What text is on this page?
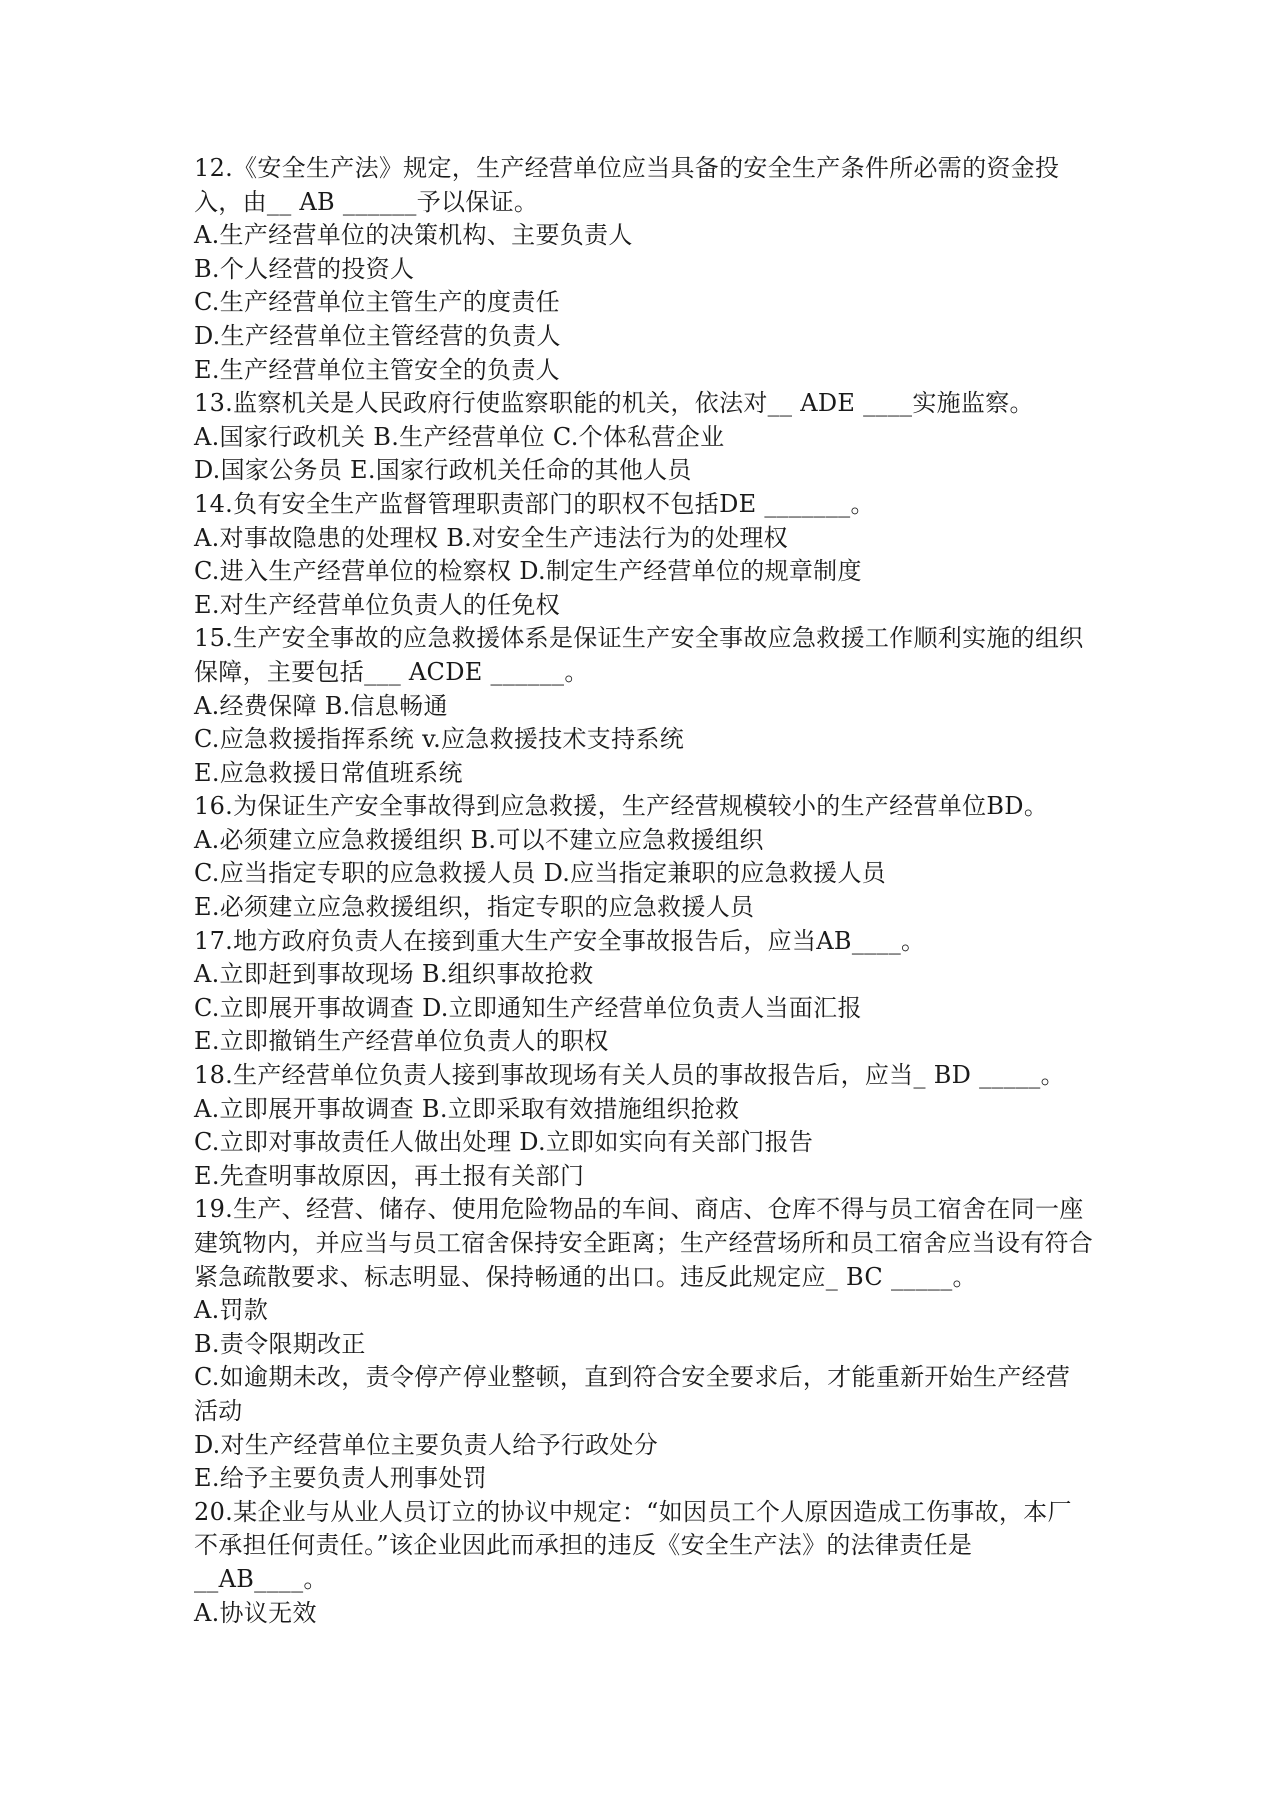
12.《安全生产法》规定，生产经营单位应当具备的安全生产条件所必需的资金投入，由__ AB ______予以保证。
A.生产经营单位的决策机构、主要负责人
B.个人经营的投资人
C.生产经营单位主管生产的度责任
D.生产经营单位主管经营的负责人
E.生产经营单位主管安全的负责人
13.监察机关是人民政府行使监察职能的机关，依法对__ ADE ____实施监察。
A.国家行政机关 B.生产经营单位 C.个体私营企业
D.国家公务员 E.国家行政机关任命的其他人员
14.负有安全生产监督管理职责部门的职权不包括DE _______。
A.对事故隐患的处理权 B.对安全生产违法行为的处理权
C.进入生产经营单位的检察权 D.制定生产经营单位的规章制度
E.对生产经营单位负责人的任免权
15.生产安全事故的应急救援体系是保证生产安全事故应急救援工作顺利实施的组织保障，主要包括___ ACDE ______。
A.经费保障 B.信息畅通
C.应急救援指挥系统 v.应急救援技术支持系统
E.应急救援日常值班系统
16.为保证生产安全事故得到应急救援，生产经营规模较小的生产经营单位BD。
A.必须建立应急救援组织 B.可以不建立应急救援组织
C.应当指定专职的应急救援人员 D.应当指定兼职的应急救援人员
E.必须建立应急救援组织，指定专职的应急救援人员
17.地方政府负责人在接到重大生产安全事故报告后，应当AB____。
A.立即赶到事故现场 B.组织事故抢救
C.立即展开事故调查 D.立即通知生产经营单位负责人当面汇报
E.立即撤销生产经营单位负责人的职权
18.生产经营单位负责人接到事故现场有关人员的事故报告后，应当_ BD _____。
A.立即展开事故调查 B.立即采取有效措施组织抢救
C.立即对事故责任人做出处理 D.立即如实向有关部门报告
E.先查明事故原因，再土报有关部门
19.生产、经营、储存、使用危险物品的车间、商店、仓库不得与员工宿舍在同一座建筑物内，并应当与员工宿舍保持安全距离；生产经营场所和员工宿舍应当设有符合紧急疏散要求、标志明显、保持畅通的出口。违反此规定应_ BC _____。
A.罚款
B.责令限期改正
C.如逾期未改，责令停产停业整顿，直到符合安全要求后，才能重新开始生产经营活动
D.对生产经营单位主要负责人给予行政处分
E.给予主要负责人刑事处罚
20.某企业与从业人员订立的协议中规定：“如因员工个人原因造成工伤事故，本厂不承担任何责任。”该企业因此而承担的违反《安全生产法》的法律责任是__AB____。
A.协议无效
